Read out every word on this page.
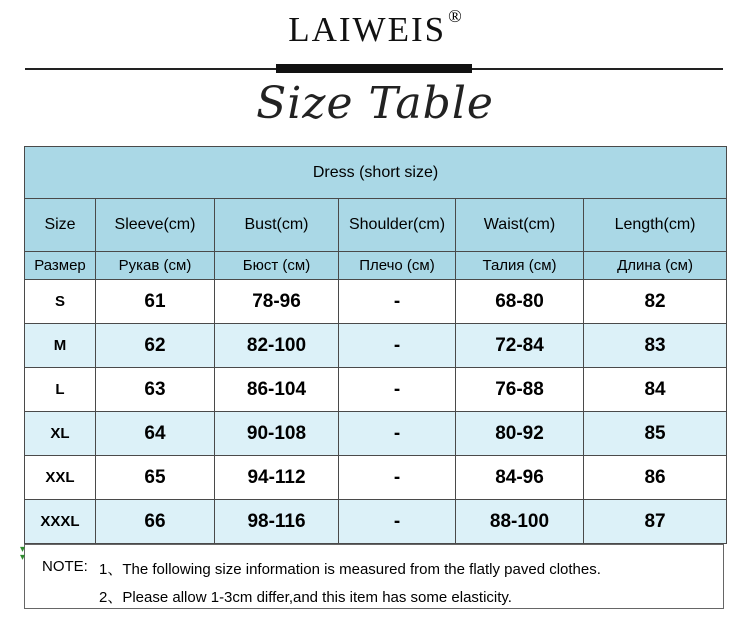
LAIWEIS ®
Size Table
Dress (short size)					
Size	Sleeve(cm)	Bust(cm)	Shoulder(cm)	Waist(cm)	Length(cm)
Размер	Рукав (см)	Бюст (см)	Плечо (см)	Талия (см)	Длина (см)
S	61	78-96	-	68-80	82
M	62	82-100	-	72-84	83
L	63	86-104	-	76-88	84
XL	64	90-108	-	80-92	85
XXL	65	94-112	-	84-96	86
XXXL	66	98-116	-	88-100	87
NOTE: 1、The following size information is measured from the flatly paved clothes.
2、Please allow 1-3cm differ,and this item has some elasticity.
▾
▾
